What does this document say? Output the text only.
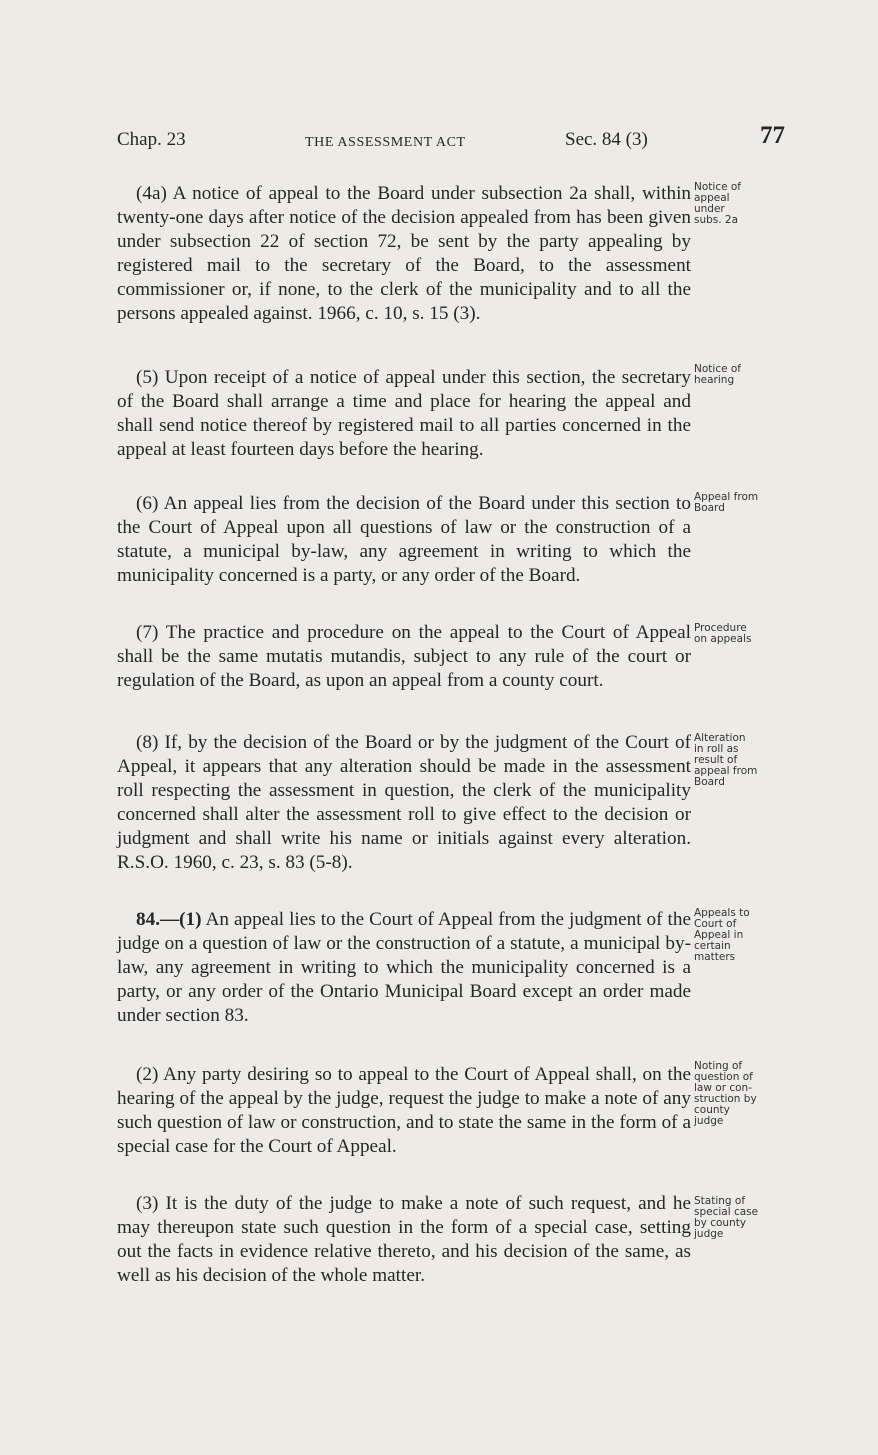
Chap. 23	THE ASSESSMENT ACT	Sec. 84 (3)	77
(4a) A notice of appeal to the Board under subsection 2a shall, within twenty-one days after notice of the decision appealed from has been given under subsection 22 of section 72, be sent by the party appealing by registered mail to the secretary of the Board, to the assessment commissioner or, if none, to the clerk of the municipality and to all the persons appealed against. 1966, c. 10, s. 15 (3).
Notice of
appeal
under
subs. 2a
(5) Upon receipt of a notice of appeal under this section, the secretary of the Board shall arrange a time and place for hearing the appeal and shall send notice thereof by registered mail to all parties concerned in the appeal at least fourteen days before the hearing.
Notice of
hearing
(6) An appeal lies from the decision of the Board under this section to the Court of Appeal upon all questions of law or the construction of a statute, a municipal by-law, any agreement in writing to which the municipality concerned is a party, or any order of the Board.
Appeal from
Board
(7) The practice and procedure on the appeal to the Court of Appeal shall be the same mutatis mutandis, subject to any rule of the court or regulation of the Board, as upon an appeal from a county court.
Procedure
on appeals
(8) If, by the decision of the Board or by the judgment of the Court of Appeal, it appears that any alteration should be made in the assessment roll respecting the assessment in question, the clerk of the municipality concerned shall alter the assessment roll to give effect to the decision or judgment and shall write his name or initials against every alteration. R.S.O. 1960, c. 23, s. 83 (5-8).
Alteration
in roll as
result of
appeal from
Board
84.—(1) An appeal lies to the Court of Appeal from the judgment of the judge on a question of law or the construction of a statute, a municipal by-law, any agreement in writing to which the municipality concerned is a party, or any order of the Ontario Municipal Board except an order made under section 83.
Appeals to
Court of
Appeal in
certain
matters
(2) Any party desiring so to appeal to the Court of Appeal shall, on the hearing of the appeal by the judge, request the judge to make a note of any such question of law or construction, and to state the same in the form of a special case for the Court of Appeal.
Noting of
question of
law or con-
struction by
county
judge
(3) It is the duty of the judge to make a note of such request, and he may thereupon state such question in the form of a special case, setting out the facts in evidence relative thereto, and his decision of the same, as well as his decision of the whole matter.
Stating of
special case
by county
judge
